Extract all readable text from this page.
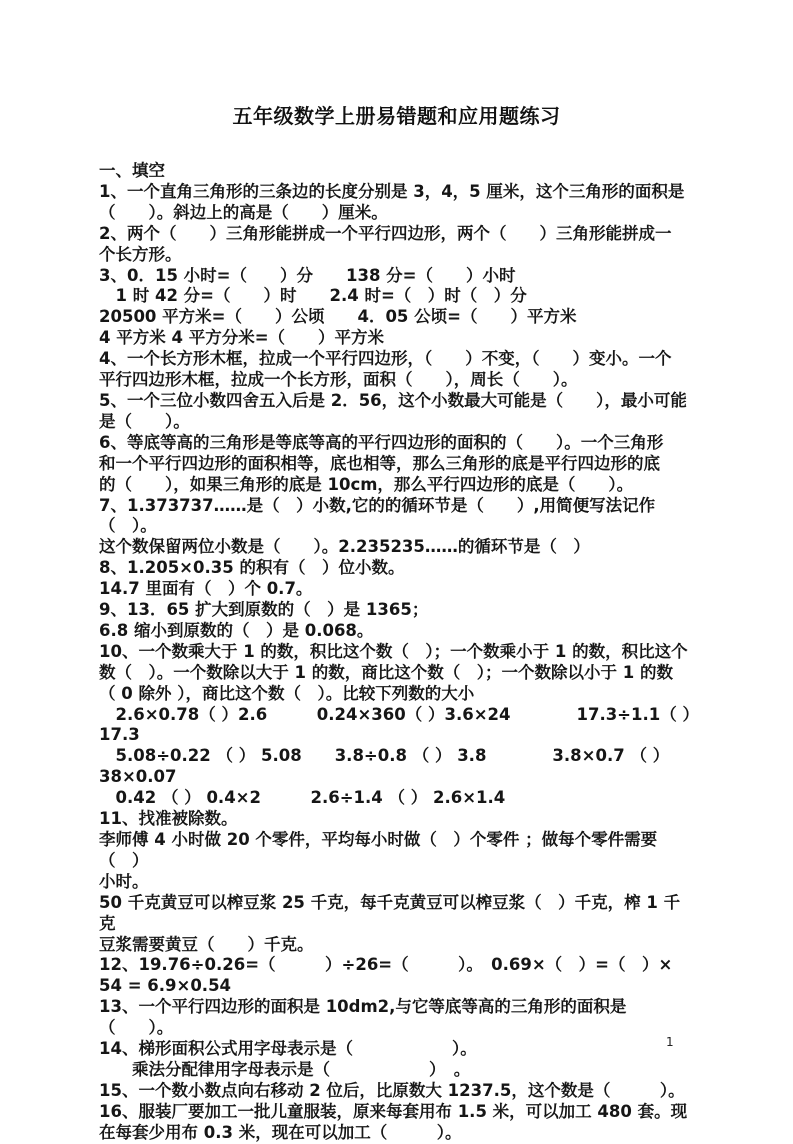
五年级数学上册易错题和应用题练习
一、填空
1、一个直角三角形的三条边的长度分别是 3，4，5 厘米，这个三角形的面积是
（　　）。斜边上的高是（　　）厘米。
2、两个（　　）三角形能拼成一个平行四边形，两个（　　）三角形能拼成一
个长方形。
3、0．15 小时=（　　）分　　138 分=（　　）小时
　1 时 42 分=（　　）时　　2.4 时=（　）时（　）分
20500 平方米=（　　）公顷　　4．05 公顷=（　　）平方米
4 平方米 4 平方分米=（　　）平方米
4、一个长方形木框，拉成一个平行四边形，（　　）不变，（　　）变小。一个
平行四边形木框，拉成一个长方形，面积（　　），周长（　　）。
5、一个三位小数四舍五入后是 2．56，这个小数最大可能是（　　），最小可能
是（　　）。
6、等底等高的三角形是等底等高的平行四边形的面积的（　　）。一个三角形
和一个平行四边形的面积相等，底也相等，那么三角形的底是平行四边形的底
的（　　），如果三角形的底是 10cm，那么平行四边形的底是（　　）。
7、1.373737……是（　）小数,它的的循环节是（　　）,用简便写法记作（　）。
这个数保留两位小数是（　　）。2.235235……的循环节是（　）
8、1.205×0.35 的积有（　）位小数。
14.7 里面有（　）个 0.7。
9、13．65 扩大到原数的（　）是 1365；
6.8 缩小到原数的（　）是 0.068。
10、一个数乘大于 1 的数，积比这个数（　）；一个数乘小于 1 的数，积比这个
数（　）。一个数除以大于 1 的数，商比这个数（　）；一个数除以小于 1 的数
（ 0 除外 ），商比这个数（　）。比较下列数的大小
　2.6×0.78（ ）2.6　　　0.24×360（ ）3.6×24　　　　17.3÷1.1（ ）17.3
　5.08÷0.22 （ ） 5.08　　3.8÷0.8 （ ） 3.8　　　　3.8×0.7 （ ） 38×0.07
　0.42 （ ） 0.4×2　　　2.6÷1.4 （ ） 2.6×1.4
11、找准被除数。
李师傅 4 小时做 20 个零件，平均每小时做（　）个零件 ；做每个零件需要（　）
小时。
50 千克黄豆可以榨豆浆 25 千克，每千克黄豆可以榨豆浆（　）千克，榨 1 千克
豆浆需要黄豆（　　）千克。
12、19.76÷0.26=（　　　）÷26=（　　　）。　0.69×（　）=（　）×
54 = 6.9×0.54
13、一个平行四边形的面积是 10dm2,与它等底等高的三角形的面积是（　　）。
14、梯形面积公式用字母表示是（　　　　　　）。
　　乘法分配律用字母表示是（　　　　　　）　。
15、一个数小数点向右移动 2 位后，比原数大 1237.5，这个数是（　　　）。
16、服装厂要加工一批儿童服装，原来每套用布 1.5 米，可以加工 480 套。现
在每套少用布 0.3 米，现在可以加工（　　　）。
1
